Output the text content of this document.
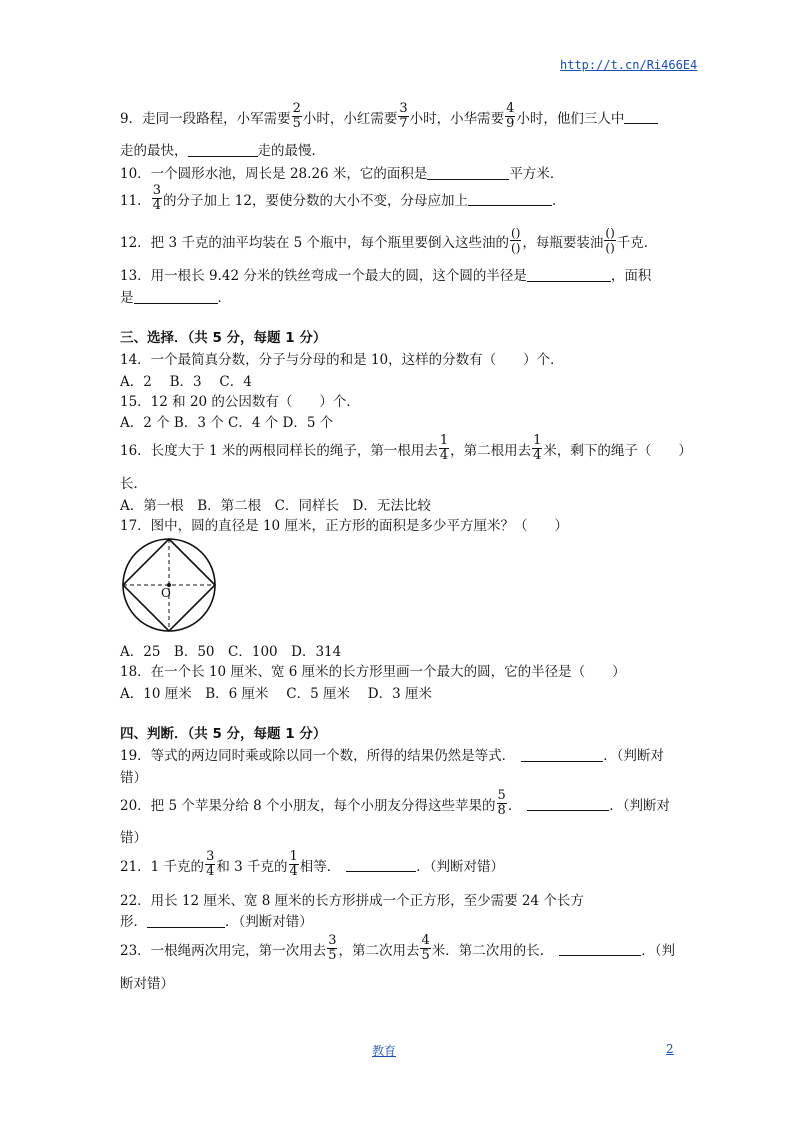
http://t.cn/Ri466E4
9．走同一段路程，小军需要 $\frac{2}{5}$ 小时，小红需要 $\frac{3}{7}$ 小时，小华需要 $\frac{4}{9}$ 小时，他们三人中
走的最快，	走的最慢．
10．一个圆形水池，周长是 28.26 米，它的面积是	平方米．
11． $\frac{3}{4}$ 的分子加上 12，要使分数的大小不变，分母应加上	．
12．把 3 千克的油平均装在 5 个瓶中，每个瓶里要倒入这些油的 $\frac{()}{()}$ ，每瓶要装油 $\frac{()}{()}$ 千克．
13．用一根长 9.42 分米的铁丝弯成一个最大的圆，这个圆的半径是	，面积
是	．
三、选择．（共 5 分，每题 1 分）
14．一个最简真分数，分子与分母的和是 10，这样的分数有（　　）个．
A．2　 B．3　 C．4
15．12 和 20 的公因数有（　　）个．
A．2 个 B．3 个 C．4 个 D．5 个
16．长度大于 1 米的两根同样长的绳子，第一根用去 $\frac{1}{4}$ ，第二根用去 $\frac{1}{4}$ 米，剩下的绳子（　　）
长．
A．第一根　B．第二根　C．同样长　D．无法比较
17．图中，圆的直径是 10 厘米，正方形的面积是多少平方厘米？（　　）
O
A．25　B．50　C．100　D．314
18．在一个长 10 厘米、宽 6 厘米的长方形里画一个最大的圆，它的半径是（　　）
A．10 厘米　B．6 厘米　 C．5 厘米　 D．3 厘米
四、判断．（共 5 分，每题 1 分）
19．等式的两边同时乘或除以同一个数，所得的结果仍然是等式．	．（判断对
错）
20．把 5 个苹果分给 8 个小朋友，每个小朋友分得这些苹果的 $\frac{5}{8}$ ．	．（判断对
错）
21．1 千克的 $\frac{3}{4}$ 和 3 千克的 $\frac{1}{4}$ 相等．	．（判断对错）
22．用长 12 厘米、宽 8 厘米的长方形拼成一个正方形，至少需要 24 个长方
形．	．（判断对错）
23．一根绳两次用完，第一次用去 $\frac{3}{5}$ ，第二次用去 $\frac{4}{5}$ 米．第二次用的长．	．（判
断对错）
教育	2
